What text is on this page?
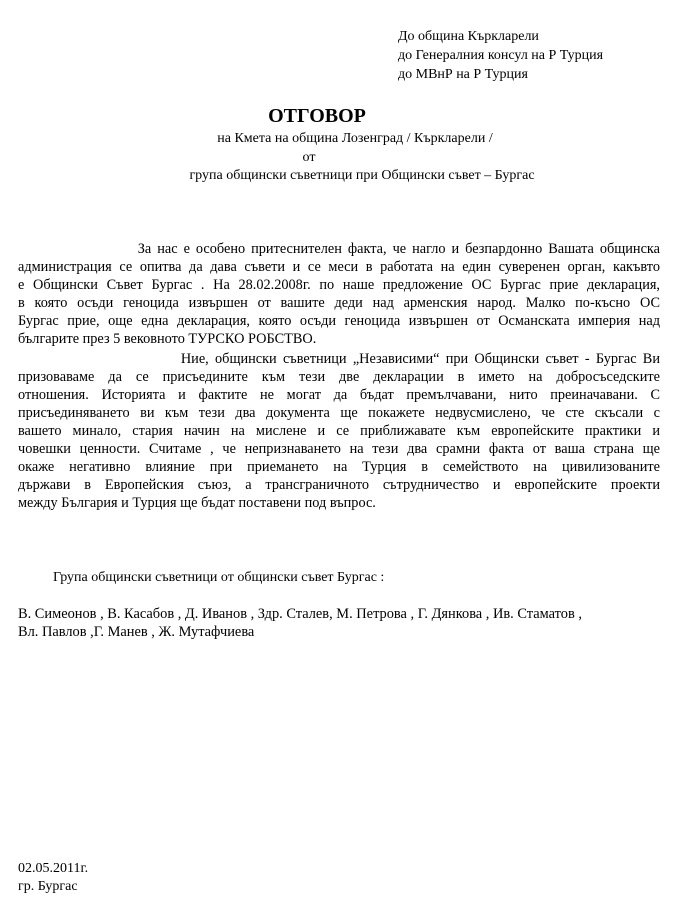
До община Къркларели
до Генералния консул на Р Турция
до МВнР на Р Турция
ОТГОВОР
на Кмета на община Лозенград / Къркларели /
от
група общински съветници при Общински съвет – Бургас
За нас е особено притеснителен факта, че нагло и безпардонно Вашата общинска
администрация се опитва да дава съвети и се меси в работата на един суверенен орган, какъвто
е Общински Съвет Бургас . На 28.02.2008г. по наше предложение ОС Бургас прие декларация,
в която осъди геноцида извършен от вашите деди над арменския народ. Малко по-късно ОС
Бургас прие, още една декларация, която осъди геноцида извършен от Османската империя над
българите през 5 вековното ТУРСКО РОБСТВО.
Ние, общински съветници „Независими“ при Общински съвет - Бургас Ви
призоваваме да се присъедините към тези две декларации в името на добросъседските
отношения. Историята и фактите не могат да бъдат премълчавани, нито преиначавани. С
присъединяването ви към тези два документа ще покажете недвусмислено, че сте скъсали с
вашето минало, стария начин на мислене и се приближавате към европейските практики и
човешки ценности. Считаме , че непризнаването на тези два срамни факта от ваша страна ще
окаже негативно влияние при приемането на Турция в семейството на цивилизованите
държави в Европейския съюз, а трансграничното сътрудничество и европейските проекти
между България и Турция ще бъдат поставени под въпрос.
Група общински съветници от общински съвет Бургас :
В. Симеонов , В. Касабов , Д. Иванов , Здр. Сталев, М. Петрова , Г. Дянкова , Ив. Стаматов ,
Вл. Павлов ,Г. Манев , Ж. Мутафчиева
02.05.2011г.
гр. Бургас
